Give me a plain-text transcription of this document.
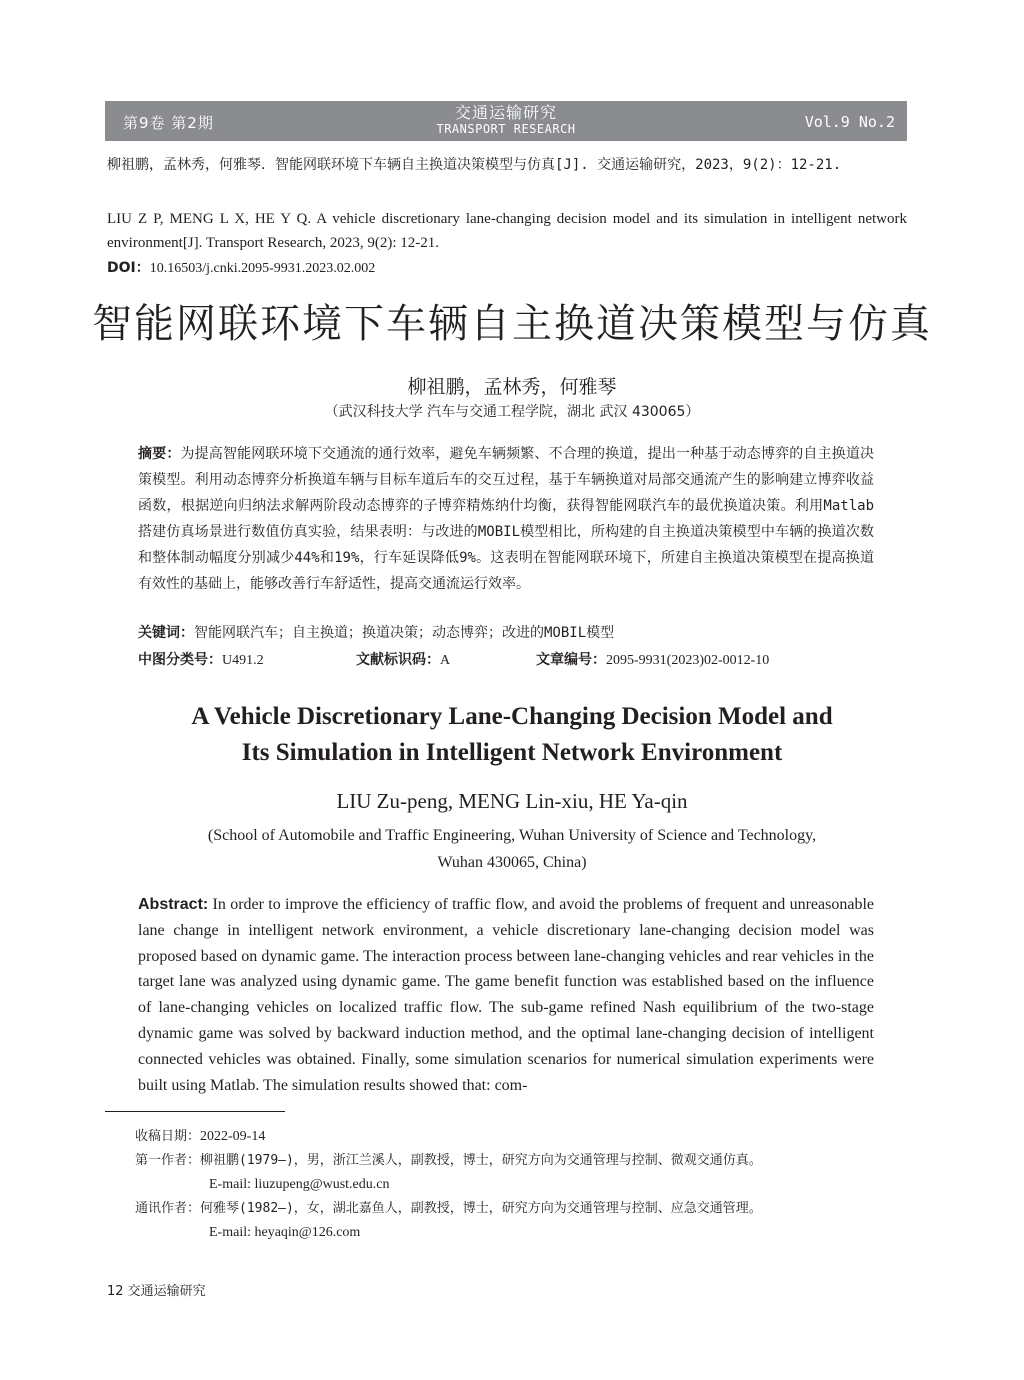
第9卷 第2期
交通运输研究
TRANSPORT RESEARCH	Vol.9 No.2
柳祖鹏，孟林秀，何雅琴．智能网联环境下车辆自主换道决策模型与仿真[J]. 交通运输研究，2023，9(2)：12-21.
LIU Z P, MENG L X, HE Y Q. A vehicle discretionary lane-changing decision model and its simulation in intelligent network environment[J]. Transport Research, 2023, 9(2): 12-21.
DOI：10.16503/j.cnki.2095-9931.2023.02.002
智能网联环境下车辆自主换道决策模型与仿真
柳祖鹏，孟林秀，何雅琴
（武汉科技大学 汽车与交通工程学院，湖北 武汉 430065）
摘要：为提高智能网联环境下交通流的通行效率，避免车辆频繁、不合理的换道，提出一种基于动态博弈的自主换道决策模型。利用动态博弈分析换道车辆与目标车道后车的交互过程，基于车辆换道对局部交通流产生的影响建立博弈收益函数，根据逆向归纳法求解两阶段动态博弈的子博弈精炼纳什均衡，获得智能网联汽车的最优换道决策。利用Matlab搭建仿真场景进行数值仿真实验，结果表明：与改进的MOBIL模型相比，所构建的自主换道决策模型中车辆的换道次数和整体制动幅度分别减少44%和19%，行车延误降低9%。这表明在智能网联环境下，所建自主换道决策模型在提高换道有效性的基础上，能够改善行车舒适性，提高交通流运行效率。
关键词：智能网联汽车；自主换道；换道决策；动态博弈；改进的MOBIL模型
中图分类号：U491.2	文献标识码：A	文章编号：2095-9931(2023)02-0012-10
A Vehicle Discretionary Lane-Changing Decision Model and
Its Simulation in Intelligent Network Environment
LIU Zu-peng, MENG Lin-xiu, HE Ya-qin
(School of Automobile and Traffic Engineering, Wuhan University of Science and Technology,
Wuhan 430065, China)
Abstract: In order to improve the efficiency of traffic flow, and avoid the problems of frequent and unreasonable lane change in intelligent network environment, a vehicle discretionary lane-changing decision model was proposed based on dynamic game. The interaction process between lane-changing vehicles and rear vehicles in the target lane was analyzed using dynamic game. The game benefit function was established based on the influence of lane-changing vehicles on localized traffic flow. The sub-game refined Nash equilibrium of the two-stage dynamic game was solved by backward induction method, and the optimal lane-changing decision of intelligent connected vehicles was obtained. Finally, some simulation scenarios for numerical simulation experiments were built using Matlab. The simulation results showed that: com-
收稿日期：2022-09-14
第一作者：柳祖鹏(1979—)，男，浙江兰溪人，副教授，博士，研究方向为交通管理与控制、微观交通仿真。
E-mail: liuzupeng@wust.edu.cn
通讯作者：何雅琴(1982—)，女，湖北嘉鱼人，副教授，博士，研究方向为交通管理与控制、应急交通管理。
E-mail: heyaqin@126.com
12 交通运输研究
